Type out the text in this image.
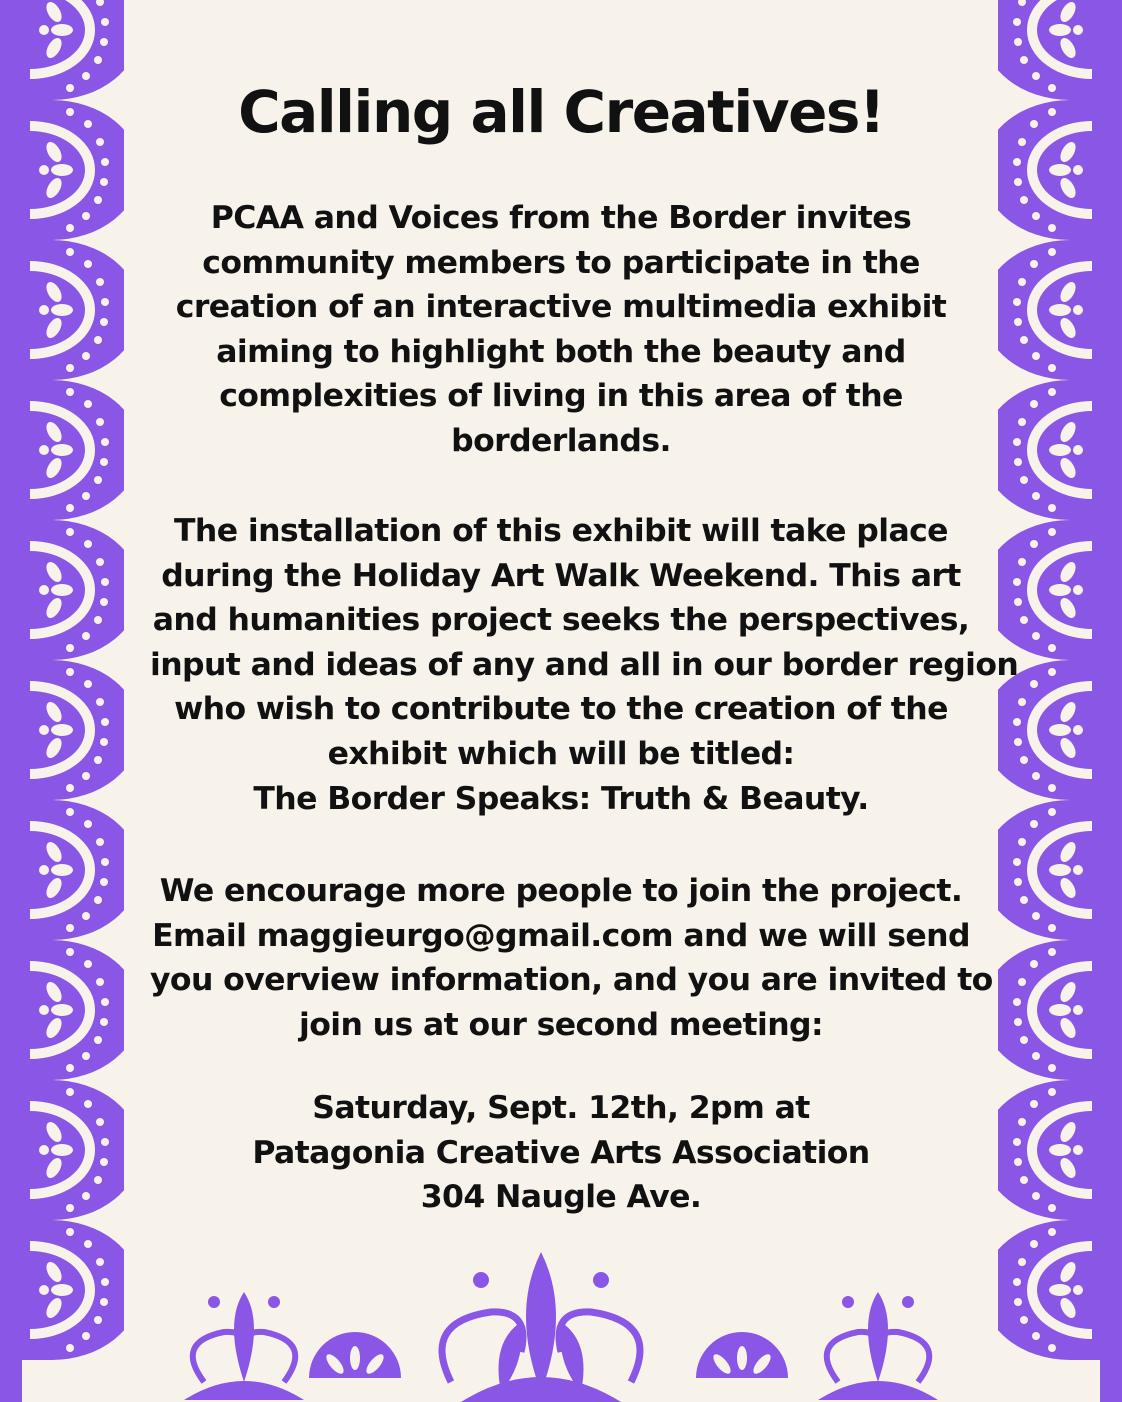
Calling all Creatives!
PCAA and Voices from the Border invites
community members to participate in the
creation of an interactive multimedia exhibit
aiming to highlight both the beauty and
complexities of living in this area of the
borderlands.
The installation of this exhibit will take place
during the Holiday Art Walk Weekend. This art
and humanities project seeks the perspectives,
input and ideas of any and all in our border region
who wish to contribute to the creation of the
exhibit which will be titled:
The Border Speaks: Truth & Beauty.
We encourage more people to join the project.
Email maggieurgo@gmail.com and we will send
you overview information, and you are invited to
join us at our second meeting:
Saturday, Sept. 12th, 2pm at
Patagonia Creative Arts Association
304 Naugle Ave.
